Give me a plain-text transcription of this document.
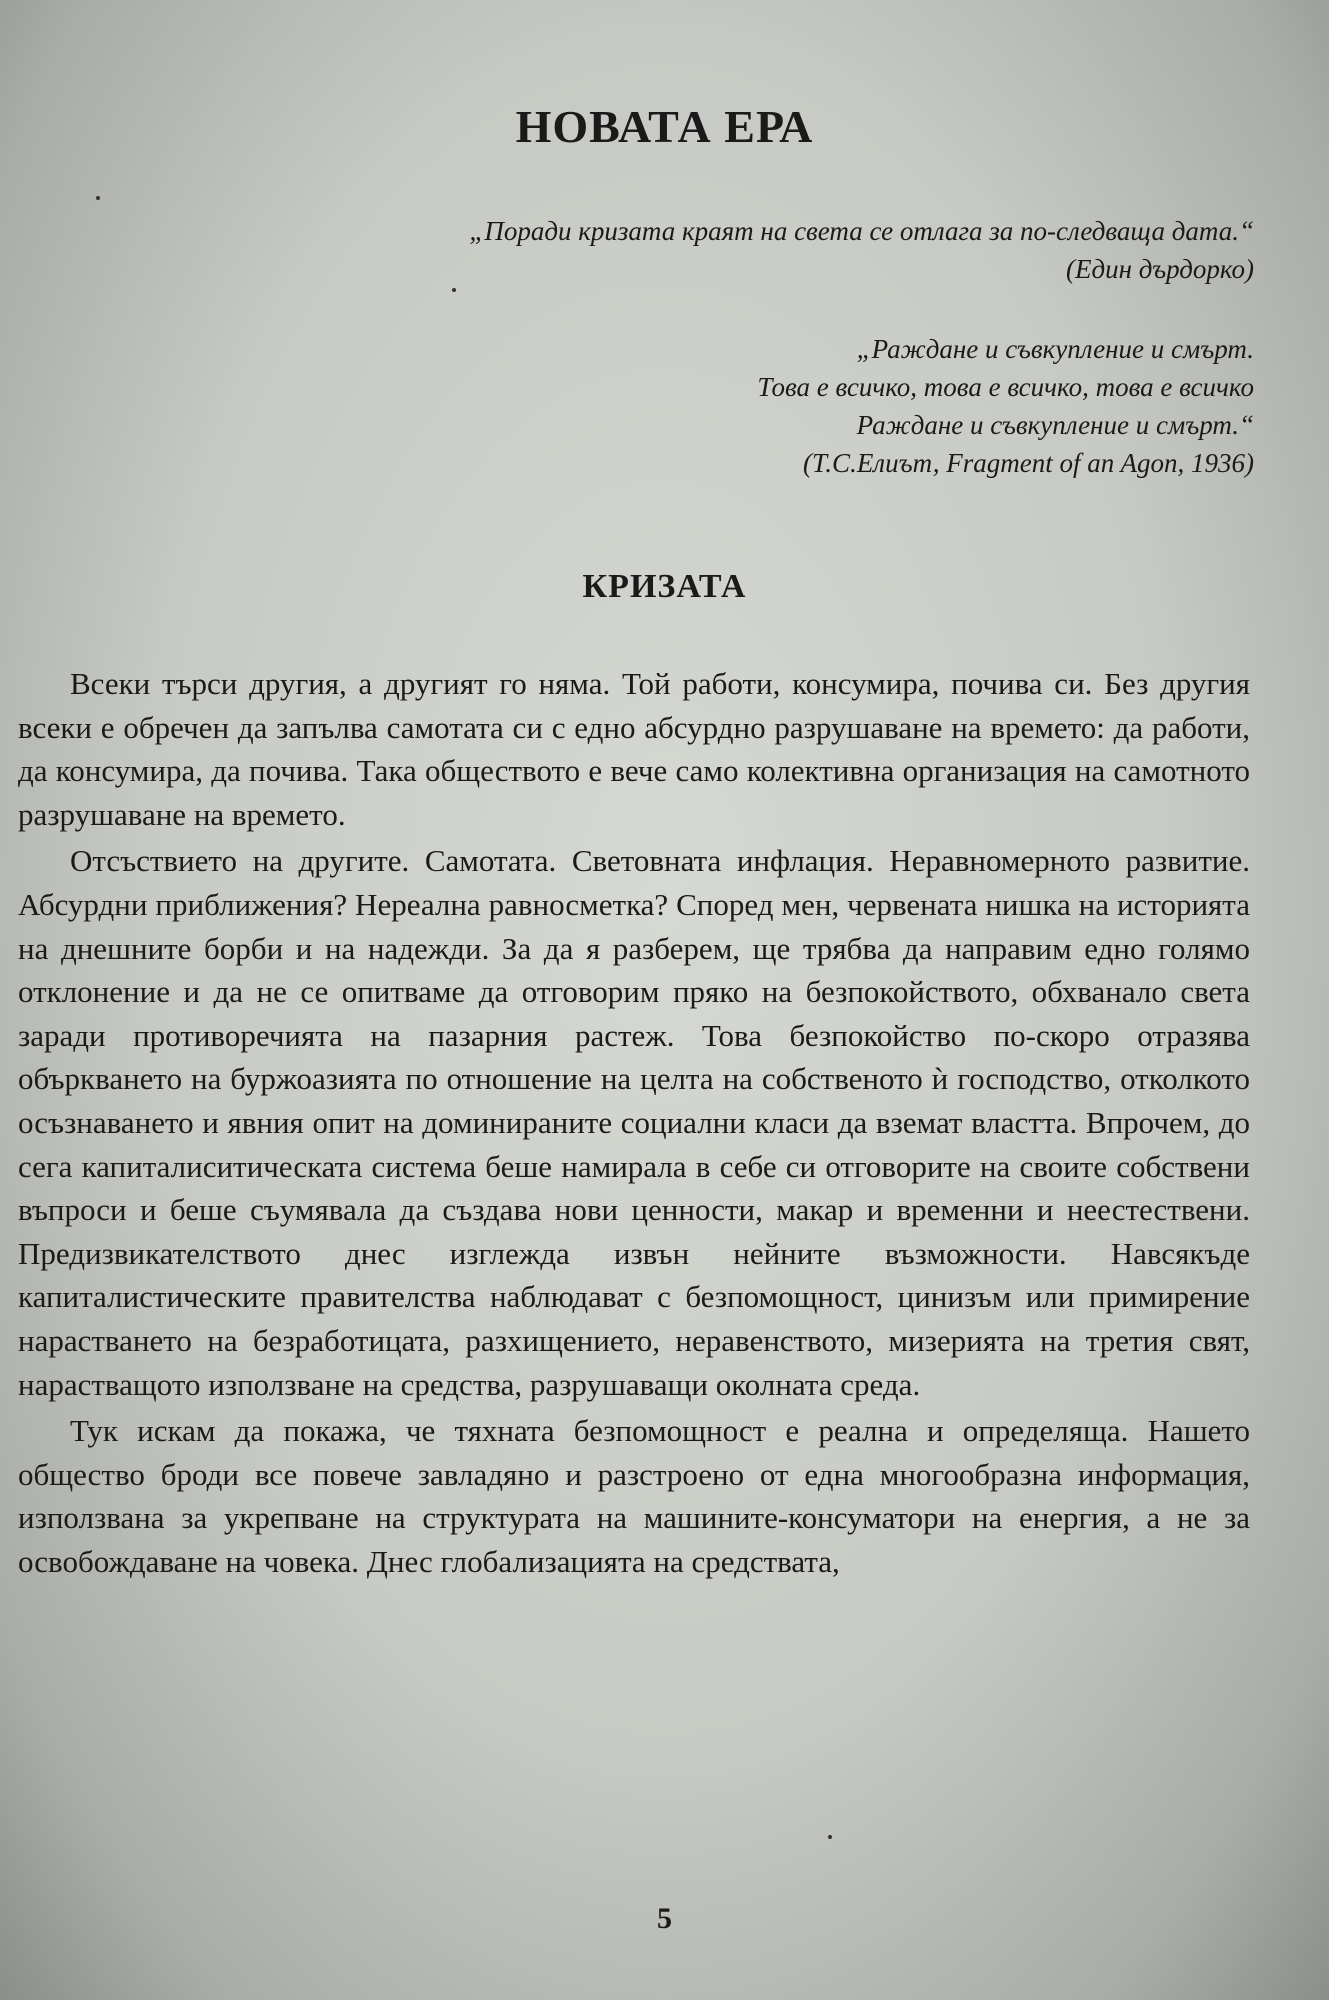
НОВАТА ЕРА

„Поради кризата краят на света се отлага за по-следваща дата.“

(Един дърдорко)

„Раждане и съвкупление и смърт.

Това е всичко, това е всичко, това е всичко

Раждане и съвкупление и смърт.“

(Т.С.Елиът, Fragment of an Agon, 1936)

КРИЗАТА

Всеки търси другия, а другият го няма. Той работи, консумира, почива си. Без другия всеки е обречен да запълва самотата си с едно абсурдно разрушаване на времето: да работи, да консумира, да почива. Така обществото е вече само колективна организация на самотното разрушаване на времето.

Отсъствието на другите. Самотата. Световната инфлация. Неравномерното развитие. Абсурдни приближения? Нереална равносметка? Според мен, червената нишка на историята на днешните борби и на надежди. За да я разберем, ще трябва да направим едно голямо отклонение и да не се опитваме да отговорим пряко на безпокойството, обхванало света заради противоречията на пазарния растеж. Това безпокойство по-скоро отразява объркването на буржоазията по отношение на целта на собственото ѝ господство, отколкото осъзнаването и явния опит на доминираните социални класи да вземат властта. Впрочем, до сега капиталиситическата система беше намирала в себе си отговорите на своите собствени въпроси и беше съумявала да създава нови ценности, макар и временни и неестествени. Предизвикателството днес изглежда извън нейните възможности. Навсякъде капиталистическите правителства наблюдават с безпомощност, цинизъм или примирение нарастването на безработицата, разхищението, неравенството, мизерията на третия свят, нарастващото използване на средства, разрушаващи околната среда.

Тук искам да покажа, че тяхната безпомощност е реална и определяща. Нашето общество броди все повече завладяно и разстроено от една многообразна информация, използвана за укрепване на структурата на машините-консуматори на енергия, а не за освобождаване на човека. Днес глобализацията на средствата,

5
